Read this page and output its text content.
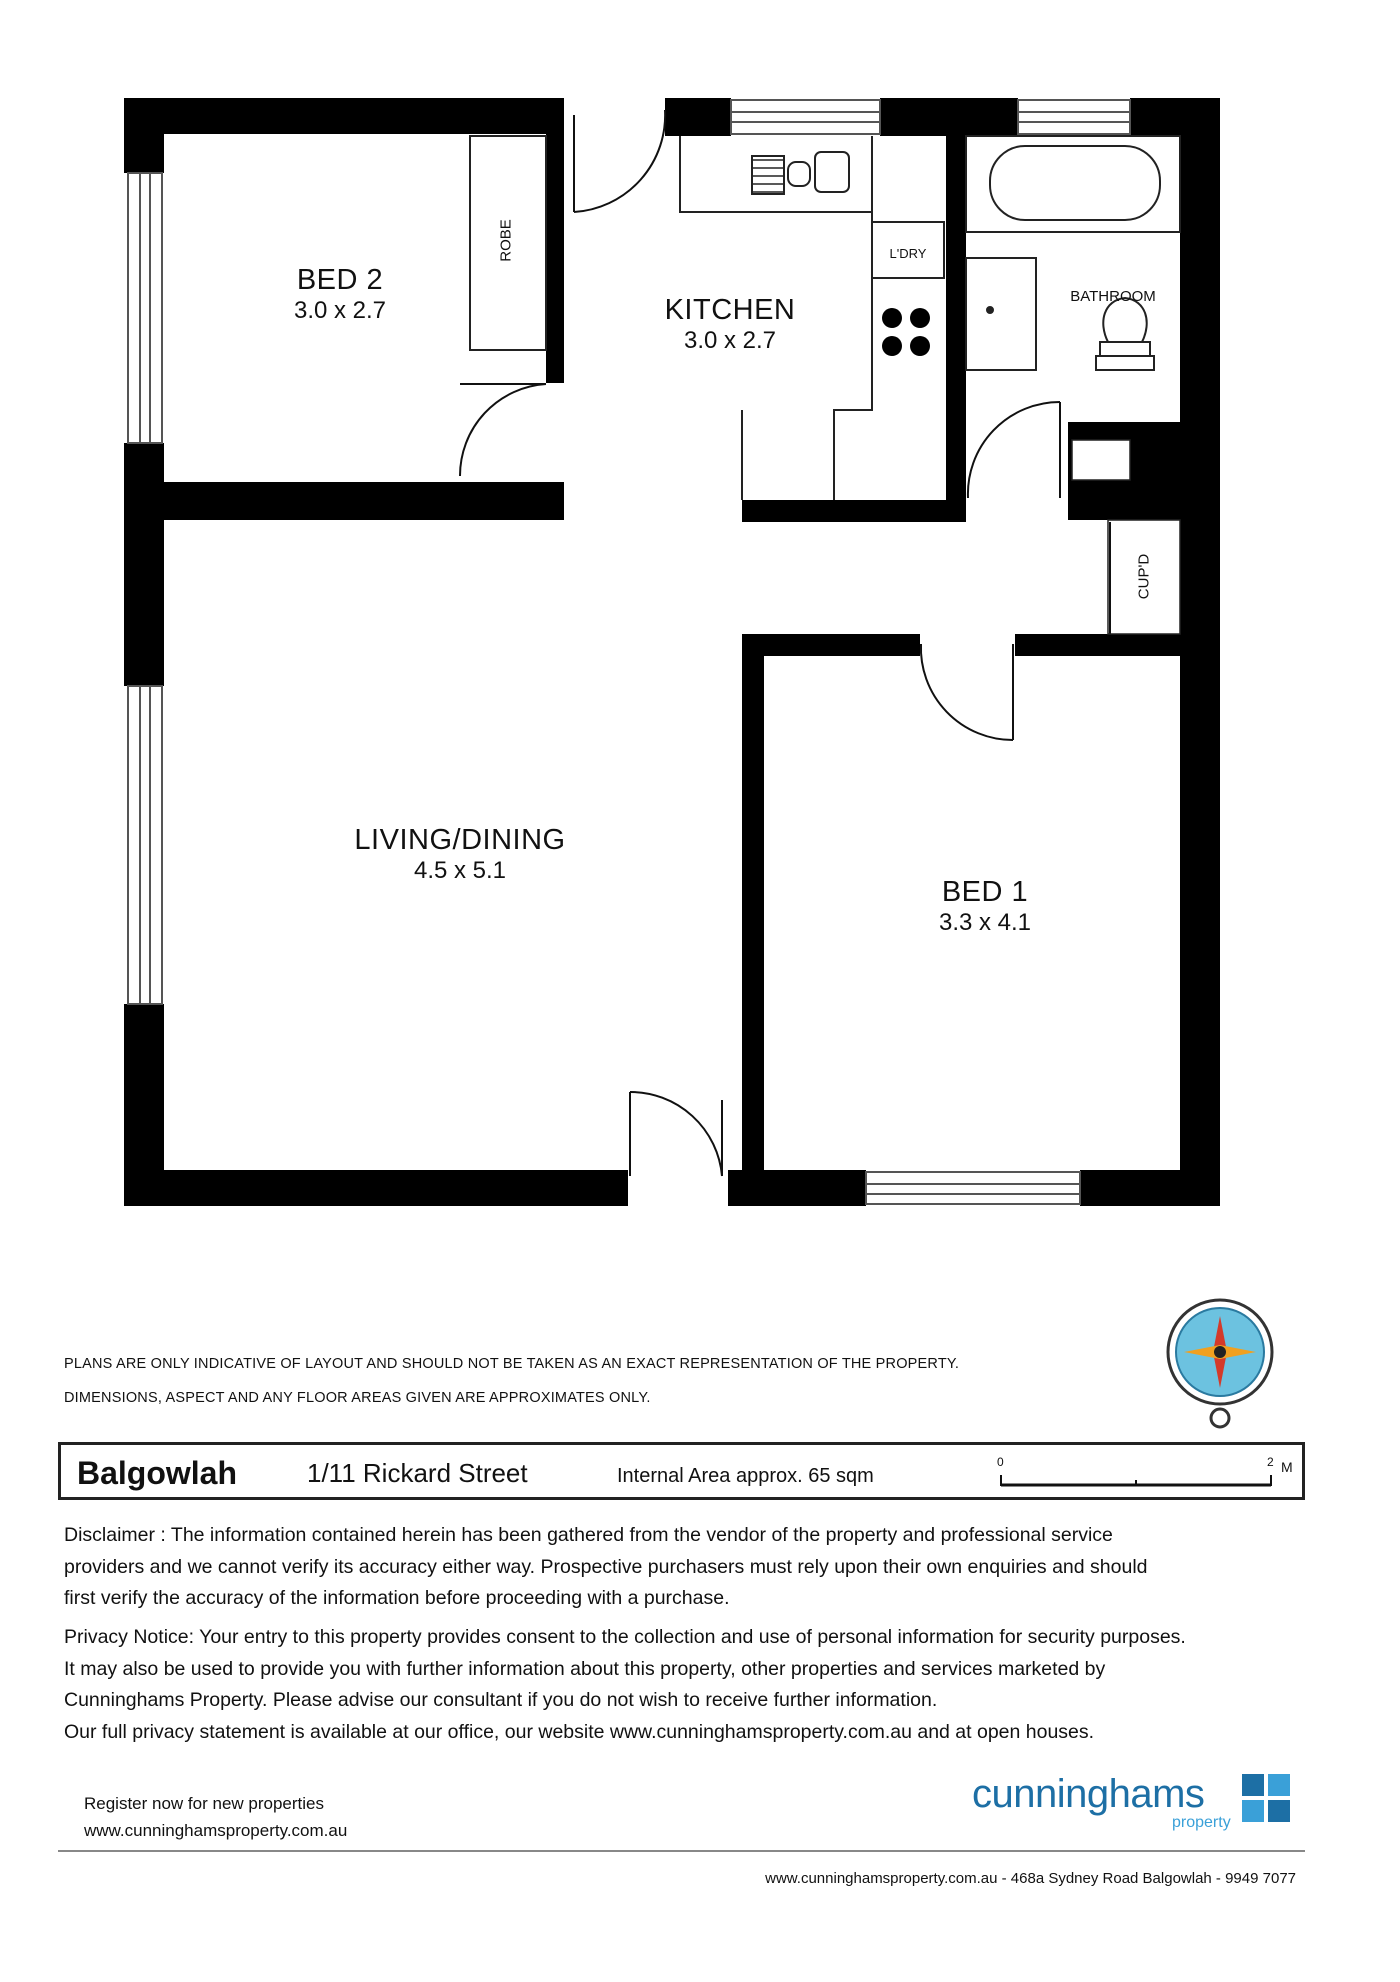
BED 2
3.0 x 2.7	KITCHEN
3.0 x 2.7
LIVING/DINING
4.5 x 5.1
BED 1
3.3 x 4.1
BATHROOM
ROBE	L'DRY
CUP'D
PLANS ARE ONLY INDICATIVE OF LAYOUT AND SHOULD NOT BE TAKEN AS AN EXACT REPRESENTATION OF THE PROPERTY.
DIMENSIONS, ASPECT AND ANY FLOOR AREAS GIVEN ARE APPROXIMATES ONLY.
Balgowlah	1/11 Rickard Street	Internal Area approx. 65 sqm
0	2 M
Disclaimer : The information contained herein has been gathered from the vendor of the property and professional service
providers and we cannot verify its accuracy either way. Prospective purchasers must rely upon their own enquiries and should
first verify the accuracy of the information before proceeding with a purchase.
Privacy Notice: Your entry to this property provides consent to the collection and use of personal information for security purposes.
It may also be used to provide you with further information about this property, other properties and services marketed by
Cunninghams Property. Please advise our consultant if you do not wish to receive further information.
Our full privacy statement is available at our office, our website www.cunninghamsproperty.com.au and at open houses.
Register now for new properties
www.cunninghamsproperty.com.au
cunninghams
property
www.cunninghamsproperty.com.au - 468a Sydney Road Balgowlah - 9949 7077
